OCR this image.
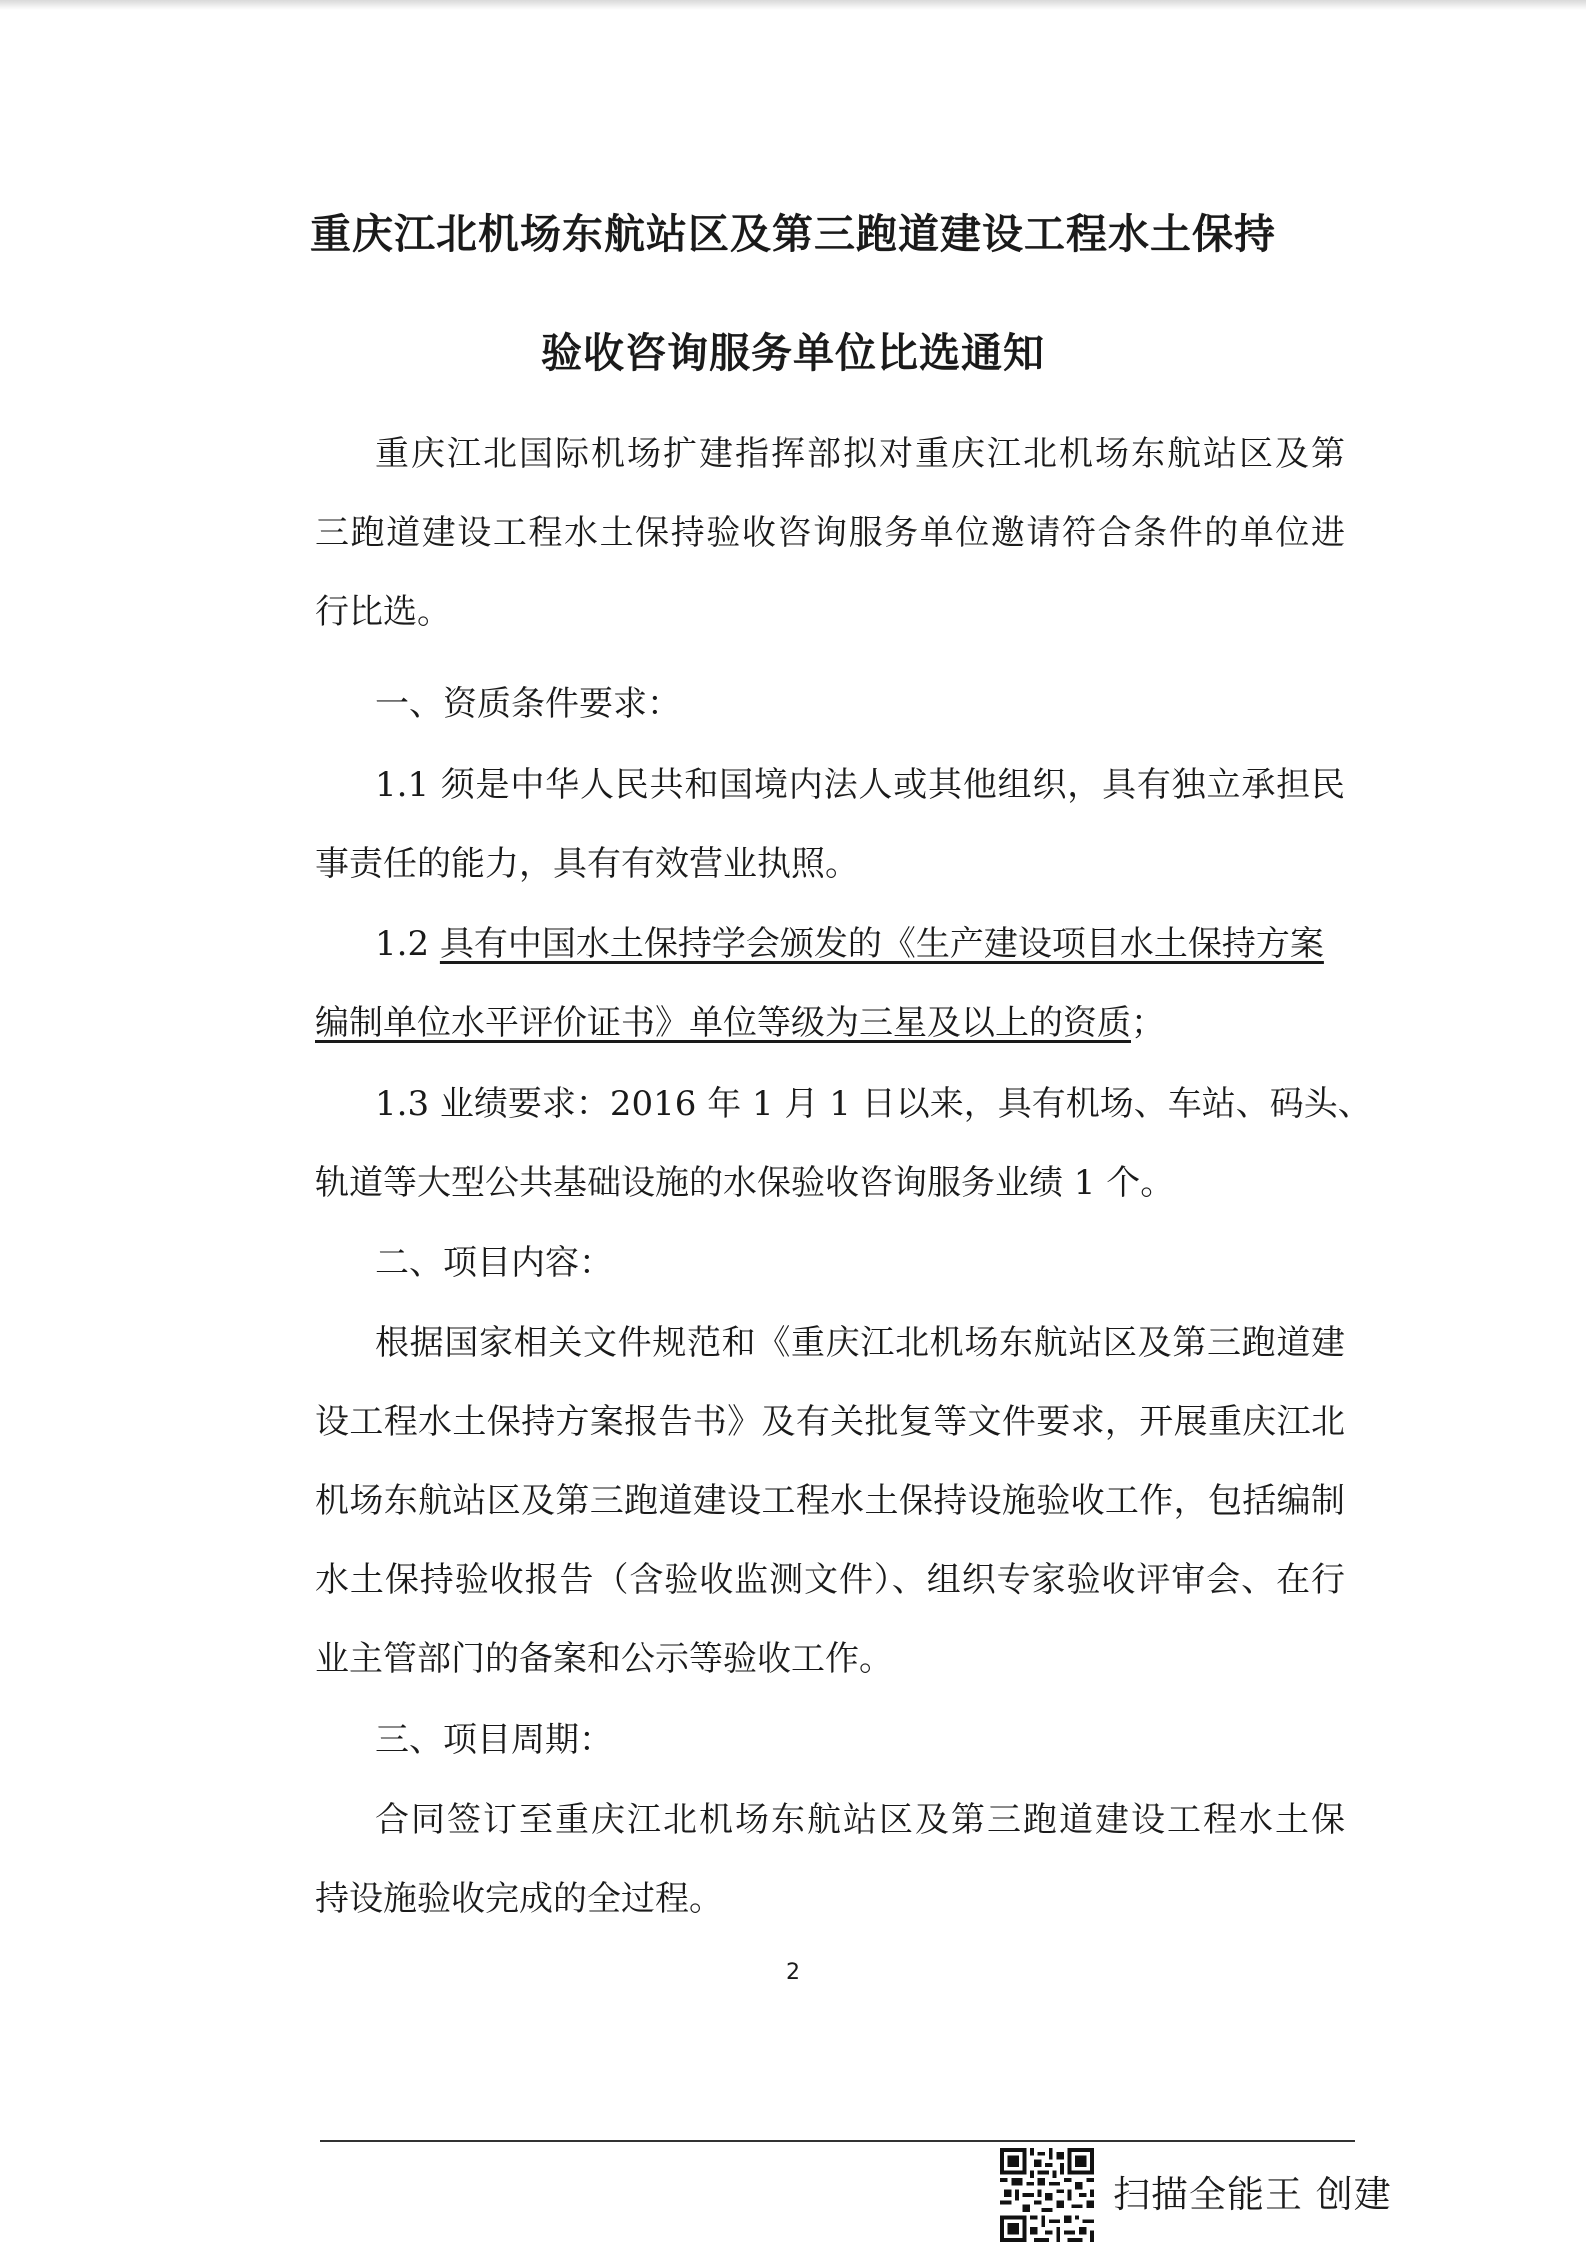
重庆江北机场东航站区及第三跑道建设工程水土保持
验收咨询服务单位比选通知

重庆江北国际机场扩建指挥部拟对重庆江北机场东航站区及第

三跑道建设工程水土保持验收咨询服务单位邀请符合条件的单位进

行比选。

一、资质条件要求：

1.1 须是中华人民共和国境内法人或其他组织，具有独立承担民

事责任的能力，具有有效营业执照。

1.2 具有中国水土保持学会颁发的《生产建设项目水土保持方案

编制单位水平评价证书》单位等级为三星及以上的资质；

1.3 业绩要求：2016 年 1 月 1 日以来，具有机场、车站、码头、

轨道等大型公共基础设施的水保验收咨询服务业绩 1 个。

二、项目内容：

根据国家相关文件规范和《重庆江北机场东航站区及第三跑道建

设工程水土保持方案报告书》及有关批复等文件要求，开展重庆江北

机场东航站区及第三跑道建设工程水土保持设施验收工作，包括编制

水土保持验收报告（含验收监测文件）、组织专家验收评审会、在行

业主管部门的备案和公示等验收工作。

三、项目周期：

合同签订至重庆江北机场东航站区及第三跑道建设工程水土保

持设施验收完成的全过程。

2
扫描全能王 创建
